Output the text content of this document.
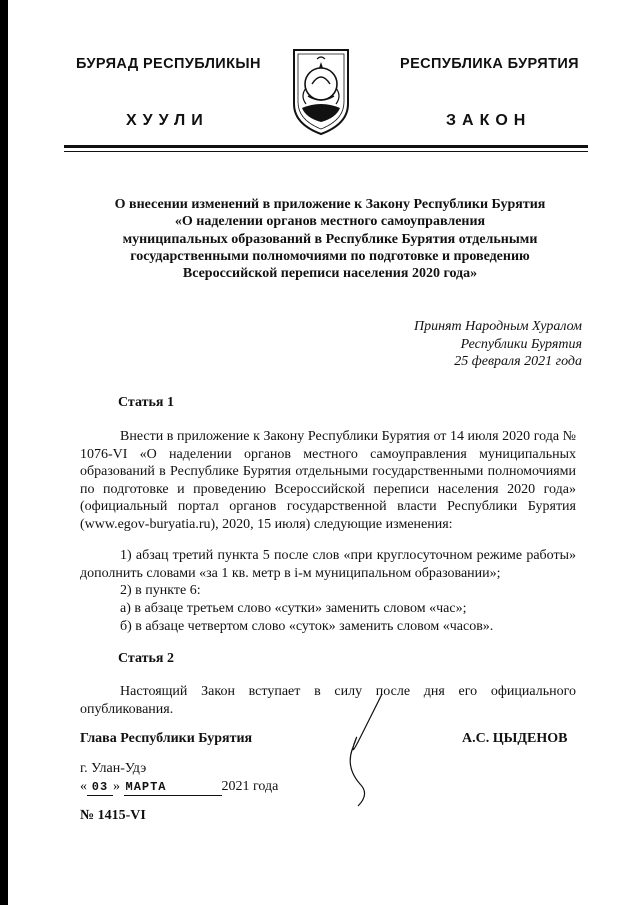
БУРЯАД РЕСПУБЛИКЫН	РЕСПУБЛИКА БУРЯТИЯ
ХУУЛИ	ЗАКОН
О внесении изменений в приложение к Закону Республики Бурятия
«О наделении органов местного самоуправления
муниципальных образований в Республике Бурятия отдельными
государственными полномочиями по подготовке и проведению
Всероссийской переписи населения 2020 года»
Принят Народным Хуралом
Республики Бурятия
25 февраля 2021 года
Статья 1
Внести в приложение к Закону Республики Бурятия от 14 июля 2020 года № 1076-VI «О наделении органов местного самоуправления муниципальных образований в Республике Бурятия отдельными государственными полномочиями по подготовке и проведению Всероссийской переписи населения 2020 года» (официальный портал органов государственной власти Республики Бурятия (www.egov-buryatia.ru), 2020, 15 июля) следующие изменения:
1) абзац третий пункта 5 после слов «при круглосуточном режиме работы» дополнить словами «за 1 кв. метр в i-м муниципальном образовании»;
2) в пункте 6:
а) в абзаце третьем слово «сутки» заменить словом «час»;
б) в абзаце четвертом слово «суток» заменить словом «часов».
Статья 2
Настоящий Закон вступает в силу после дня его официального опубликования.
Глава Республики Бурятия	А.С. ЦЫДЕНОВ
г. Улан-Удэ
« 03 » МАРТА	2021 года
№ 1415-VI
